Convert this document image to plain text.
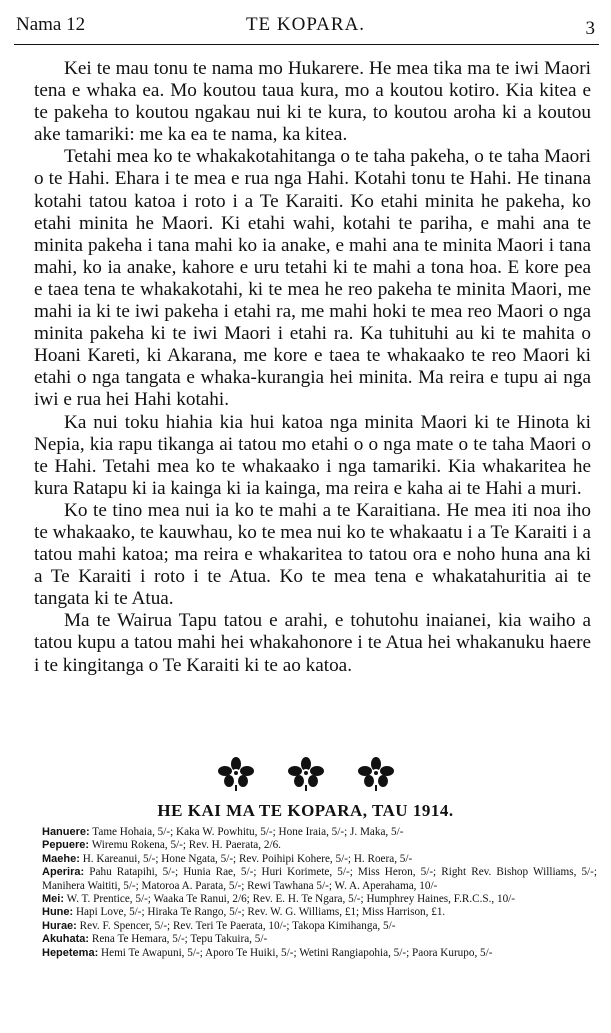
Nama 12	TE KOPARA.	3

Kei te mau tonu te nama mo Hukarere. He mea tika ma te iwi Maori tena e whaka ea. Mo koutou taua kura, mo a koutou kotiro. Kia kitea e te pakeha to koutou ngakau nui ki te kura, to koutou aroha ki a koutou ake tamariki: me ka ea te nama, ka kitea.

Tetahi mea ko te whakakotahitanga o te taha pakeha, o te taha Maori o te Hahi. Ehara i te mea e rua nga Hahi. Kotahi tonu te Hahi. He tinana kotahi tatou katoa i roto i a Te Karaiti. Ko etahi minita he pakeha, ko etahi minita he Maori. Ki etahi wahi, kotahi te pariha, e mahi ana te minita pakeha i tana mahi ko ia anake, e mahi ana te minita Maori i tana mahi, ko ia anake, kahore e uru tetahi ki te mahi a tona hoa. E kore pea e taea tena te whakakotahi, ki te mea he reo pakeha te minita Maori, me mahi ia ki te iwi pakeha i etahi ra, me mahi hoki te mea reo Maori o nga minita pakeha ki te iwi Maori i etahi ra. Ka tuhituhi au ki te mahita o Hoani Kareti, ki Akarana, me kore e taea te whakaako te reo Maori ki etahi o nga tangata e whaka-kurangia hei minita. Ma reira e tupu ai nga iwi e rua hei Hahi kotahi.

Ka nui toku hiahia kia hui katoa nga minita Maori ki te Hinota ki Nepia, kia rapu tikanga ai tatou mo etahi o o nga mate o te taha Maori o te Hahi. Tetahi mea ko te whakaako i nga tamariki. Kia whakaritea he kura Ratapu ki ia kainga ki ia kainga, ma reira e kaha ai te Hahi a muri.

Ko te tino mea nui ia ko te mahi a te Karaitiana. He mea iti noa iho te whakaako, te kauwhau, ko te mea nui ko te whakaatu i a Te Karaiti i a tatou mahi katoa; ma reira e whakaritea to tatou ora e noho huna ana ki a Te Karaiti i roto i te Atua. Ko te mea tena e whakatahuritia ai te tangata ki te Atua.

Ma te Wairua Tapu tatou e arahi, e tohutohu inaianei, kia waiho a tatou kupu a tatou mahi hei whakahonore i te Atua hei whakanuku haere i te kingitanga o Te Karaiti ki te ao katoa.

HE KAI MA TE KOPARA, TAU 1914.

Hanuere: Tame Hohaia, 5/-; Kaka W. Powhitu, 5/-; Hone Iraia, 5/-; J. Maka, 5/-

Pepuere: Wiremu Rokena, 5/-; Rev. H. Paerata, 2/6.

Maehe: H. Kareanui, 5/-; Hone Ngata, 5/-; Rev. Poihipi Kohere, 5/-; H. Roera, 5/-

Aperira: Pahu Ratapihi, 5/-; Hunia Rae, 5/-; Huri Korimete, 5/-; Miss Heron, 5/-; Right Rev. Bishop Williams, 5/-; Manihera Waititi, 5/-; Matoroa A. Parata, 5/-; Rewi Tawhana 5/-; W. A. Aperahama, 10/-

Mei: W. T. Prentice, 5/-; Waaka Te Ranui, 2/6; Rev. E. H. Te Ngara, 5/-; Humphrey Haines, F.R.C.S., 10/-

Hune: Hapi Love, 5/-; Hiraka Te Rango, 5/-; Rev. W. G. Williams, £1; Miss Harrison, £1.

Hurae: Rev. F. Spencer, 5/-; Rev. Teri Te Paerata, 10/-; Takopa Kimihanga, 5/-

Akuhata: Rena Te Hemara, 5/-; Tepu Takuira, 5/-

Hepetema: Hemi Te Awapuni, 5/-; Aporo Te Huiki, 5/-; Wetini Rangiapohia, 5/-; Paora Kurupo, 5/-
